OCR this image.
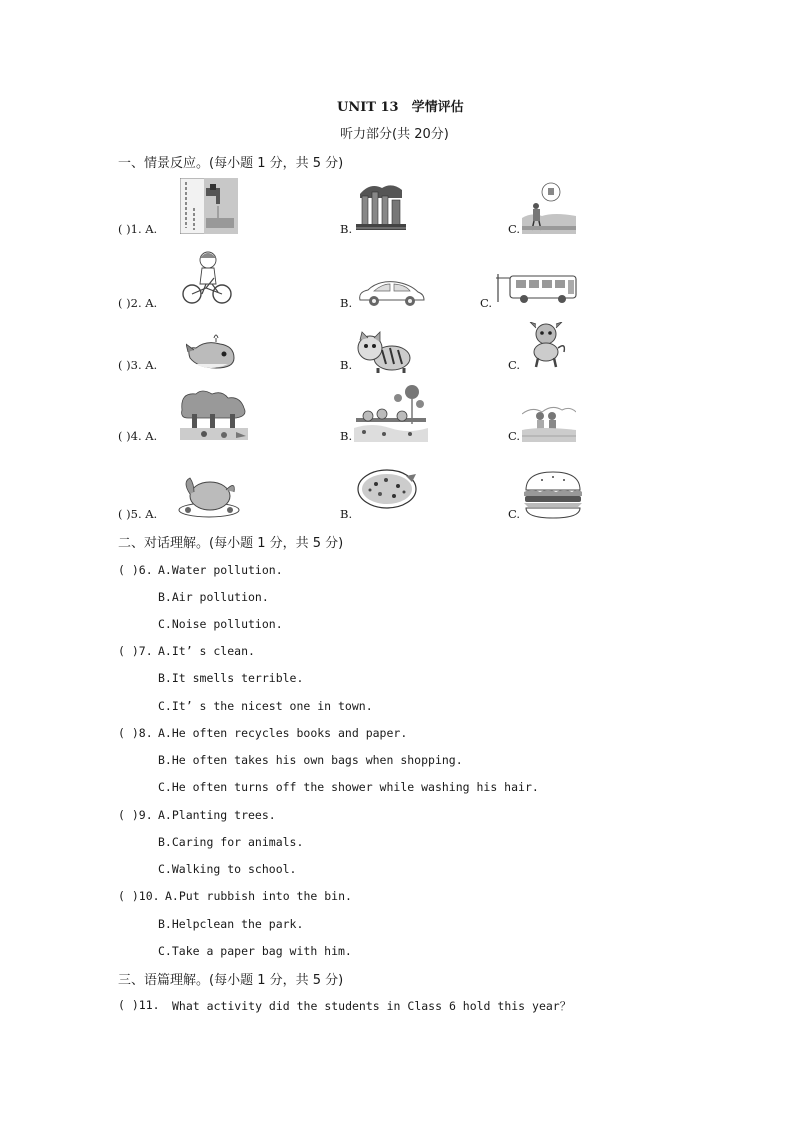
UNIT 13　学情评估
听力部分(共 20分)
一、情景反应。(每小题 1 分，共 5 分)
( )1. A.	B.	C.
( )2. A.	B.	C.
( )3. A.	B.	C.
( )4. A.	B.	C.
( )5. A.	B.	C.
二、对话理解。(每小题 1 分，共 5 分)
( )6. A.Water pollution.
B.Air pollution.
C.Noise pollution.
( )7. A.It’ s clean.
B.It smells terrible.
C.It’ s the nicest one in town.
( )8. A.He often recycles books and paper.
B.He often takes his own bags when shopping.
C.He often turns off the shower while washing his hair.
( )9. A.Planting trees.
B.Caring for animals.
C.Walking to school.
( )10. A.Put rubbish into the bin.
B.Helpclean the park.
C.Take a paper bag with him.
三、语篇理解。(每小题 1 分，共 5 分)
( )11. What activity did the students in Class 6 hold this year？
